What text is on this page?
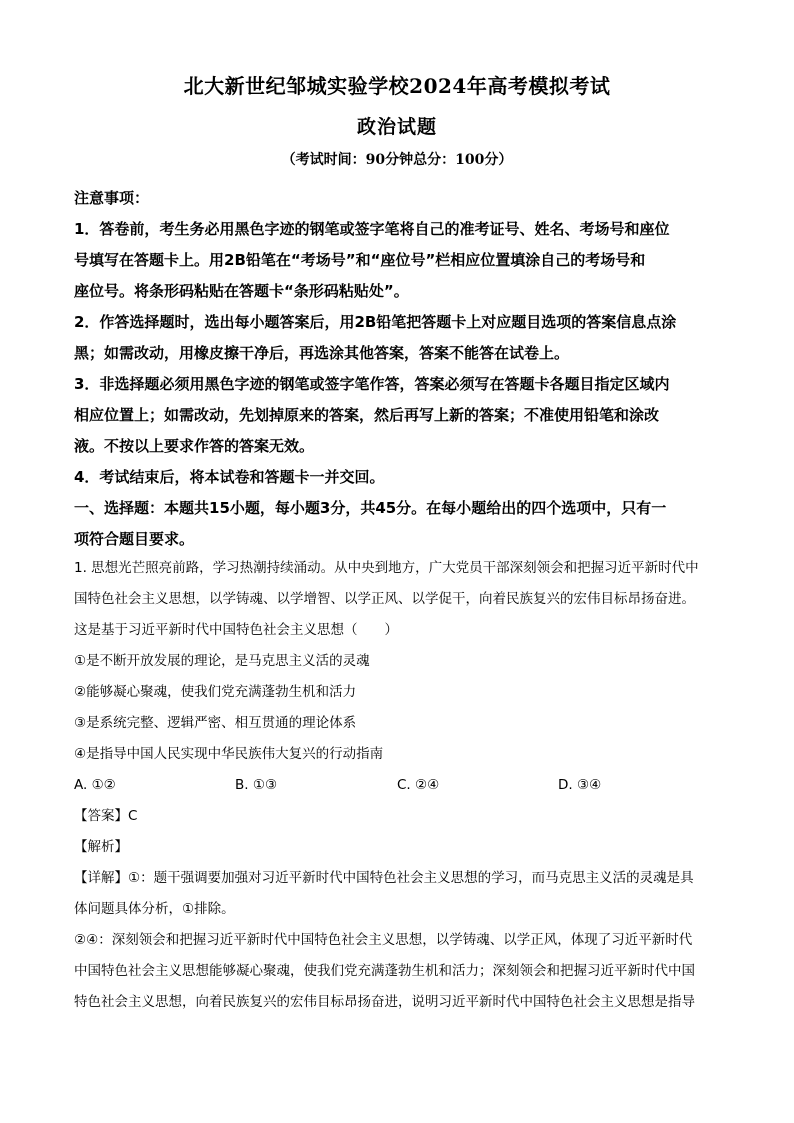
北大新世纪邹城实验学校2024年高考模拟考试
政治试题
（考试时间：90分钟总分：100分）

注意事项：

1．答卷前，考生务必用黑色字迹的钢笔或签字笔将自己的准考证号、姓名、考场号和座位

号填写在答题卡上。用2B铅笔在“考场号”和“座位号”栏相应位置填涂自己的考场号和

座位号。将条形码粘贴在答题卡“条形码粘贴处”。

2．作答选择题时，选出每小题答案后，用2B铅笔把答题卡上对应题目选项的答案信息点涂

黑；如需改动，用橡皮擦干净后，再选涂其他答案，答案不能答在试卷上。

3．非选择题必须用黑色字迹的钢笔或签字笔作答，答案必须写在答题卡各题目指定区域内

相应位置上；如需改动，先划掉原来的答案，然后再写上新的答案；不准使用铅笔和涂改

液。不按以上要求作答的答案无效。

4．考试结束后，将本试卷和答题卡一并交回。

一、选择题：本题共15小题，每小题3分，共45分。在每小题给出的四个选项中，只有一

项符合题目要求。

1. 思想光芒照亮前路，学习热潮持续涌动。从中央到地方，广大党员干部深刻领会和把握习近平新时代中

国特色社会主义思想，以学铸魂、以学增智、以学正风、以学促干，向着民族复兴的宏伟目标昂扬奋进。

这是基于习近平新时代中国特色社会主义思想（　　）

①是不断开放发展的理论，是马克思主义活的灵魂

②能够凝心聚魂，使我们党充满蓬勃生机和活力

③是系统完整、逻辑严密、相互贯通的理论体系

④是指导中国人民实现中华民族伟大复兴的行动指南

A. ①②	B. ①③	C. ②④	D. ③④

【答案】C

【解析】

【详解】①：题干强调要加强对习近平新时代中国特色社会主义思想的学习，而马克思主义活的灵魂是具

体问题具体分析，①排除。

②④：深刻领会和把握习近平新时代中国特色社会主义思想，以学铸魂、以学正风，体现了习近平新时代

中国特色社会主义思想能够凝心聚魂，使我们党充满蓬勃生机和活力；深刻领会和把握习近平新时代中国

特色社会主义思想，向着民族复兴的宏伟目标昂扬奋进，说明习近平新时代中国特色社会主义思想是指导
